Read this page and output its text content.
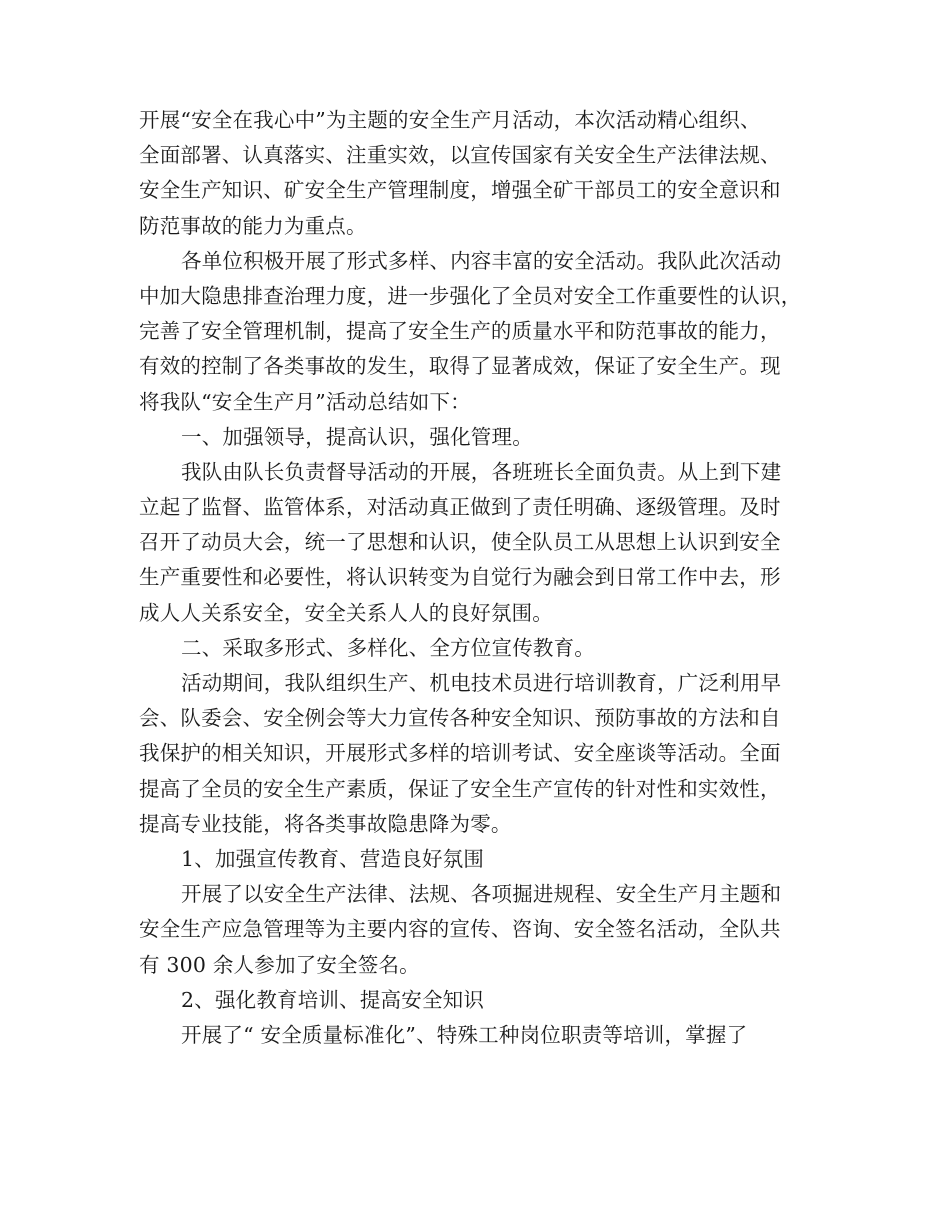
开展“安全在我心中”为主题的安全生产月活动，本次活动精心组织、
全面部署、认真落实、注重实效，以宣传国家有关安全生产法律法规、
安全生产知识、矿安全生产管理制度，增强全矿干部员工的安全意识和
防范事故的能力为重点。
各单位积极开展了形式多样、内容丰富的安全活动。我队此次活动
中加大隐患排查治理力度，进一步强化了全员对安全工作重要性的认识，
完善了安全管理机制，提高了安全生产的质量水平和防范事故的能力，
有效的控制了各类事故的发生，取得了显著成效，保证了安全生产。现
将我队“安全生产月”活动总结如下：
一、加强领导，提高认识，强化管理。
我队由队长负责督导活动的开展，各班班长全面负责。从上到下建
立起了监督、监管体系，对活动真正做到了责任明确、逐级管理。及时
召开了动员大会，统一了思想和认识，使全队员工从思想上认识到安全
生产重要性和必要性，将认识转变为自觉行为融会到日常工作中去，形
成人人关系安全，安全关系人人的良好氛围。
二、采取多形式、多样化、全方位宣传教育。
活动期间，我队组织生产、机电技术员进行培训教育，广泛利用早
会、队委会、安全例会等大力宣传各种安全知识、预防事故的方法和自
我保护的相关知识，开展形式多样的培训考试、安全座谈等活动。全面
提高了全员的安全生产素质，保证了安全生产宣传的针对性和实效性，
提高专业技能，将各类事故隐患降为零。
1、加强宣传教育、营造良好氛围
开展了以安全生产法律、法规、各项掘进规程、安全生产月主题和
安全生产应急管理等为主要内容的宣传、咨询、安全签名活动，全队共
有 300 余人参加了安全签名。
2、强化教育培训、提高安全知识
开展了“ 安全质量标准化”、特殊工种岗位职责等培训，掌握了
